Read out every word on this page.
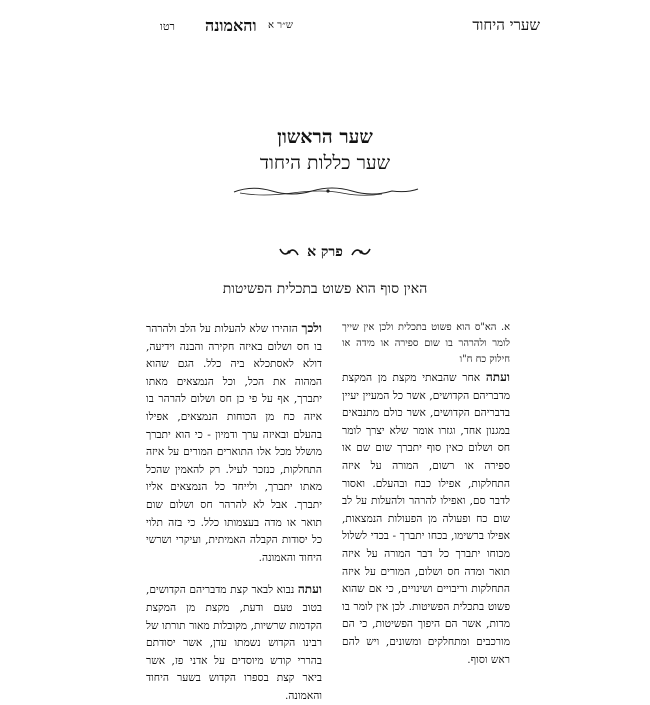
שערי היחוד
והאמונה ש״ר א
רטו
שער הראשון
שער כללות היחוד
פרק א
האין סוף הוא פשוט בתכלית הפשיטות

א. הא"ס הוא פשוט בתכלית ולכן אין שייך לומר ולהרהר בו שום ספירה או מידה או חילוק כח ח"ו

ועתה אחר שהבאתי מקצת מן המקצת מדבריהם הקדושים, אשר כל המעיין יעיין בדבריהם הקדושים, אשר כולם מתנבאים במגנון אחד, וגזרו אומר שלא יצרך לומר חס ושלום כאין סוף יתברך שום שם או ספירה או רשום, המורה על איזה התחלקות, אפילו כבח ובהעלם. ואסור לדבר סם, ואפילו להרהר ולהעלות על לב שום כח ופעולה מן הפעולות הנמצאות, אפילו ברשימו, בכחו יתברך - בכדי לשלול מכוחו יתברך כל דבר המורה על איזה תואר ומדה חס ושלום, המורים על איזה התחלקות וריבויים ושינויים, כי אם שהוא פשוט בתכלית הפשיטות. לכן אין לומר בו מדות, אשר הם היפוך הפשיטות, כי הם מורכבים ומתחלקים ומשונים, ויש להם ראש וסוף.

ולכך הזהירו שלא להעלות על הלב ולהרהר בו חס ושלום באיזה חקירה והבנה וידיעה, דולא לאסתכלא ביה כלל. הגם שהוא המהוה את הכל, וכל הנמצאים מאתו יתברך, אף על פי כן חס ושלום להרהר בו איזה כח מן הכוחות הנמצאים, אפילו בהעלם ובאיזה ערך ודמיון - כי הוא יתברך מושלל מכל אלו התוארים המורים על איזה התחלקות, כנזכר לעיל. רק להאמין שהכל מאתו יתברך, ולייחד כל הנמצאים אליו יתברך. אבל לא להרהר חס ושלום שום תואר או מדה בעצמותו כלל. כי בזה תלוי כל יסודות הקבלה האמיתית, ועיקרי ושרשי היחוד והאמונה.

ועתה נבוא לבאר קצת מדבריהם הקדושים, בטוב טעם ודעת, מקצת מן המקצת הקדמות שרשיות, מקובלות מאור תורתו של רבינו הקדוש נשמתו עדן, אשר יסודתם בהררי קודש מיוסדים על אדני פז, אשר ביאר קצת בספרו הקדוש בשער היחוד והאמונה.
